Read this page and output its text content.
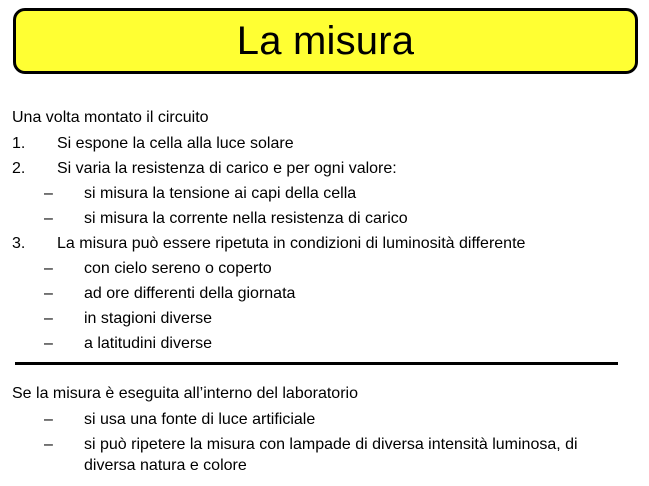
La misura
Una volta montato il circuito
1. Si espone la cella alla luce solare
2. Si varia la resistenza di carico e per ogni valore:
– si misura la tensione ai capi della cella
– si misura la corrente nella resistenza di carico
3. La misura può essere ripetuta in condizioni di luminosità differente
– con cielo sereno o coperto
– ad ore differenti della giornata
– in stagioni diverse
– a latitudini diverse
Se la misura è eseguita all’interno del laboratorio
– si usa una fonte di luce artificiale
– si può ripetere la misura con lampade di diversa intensità luminosa, di
diversa natura e colore
